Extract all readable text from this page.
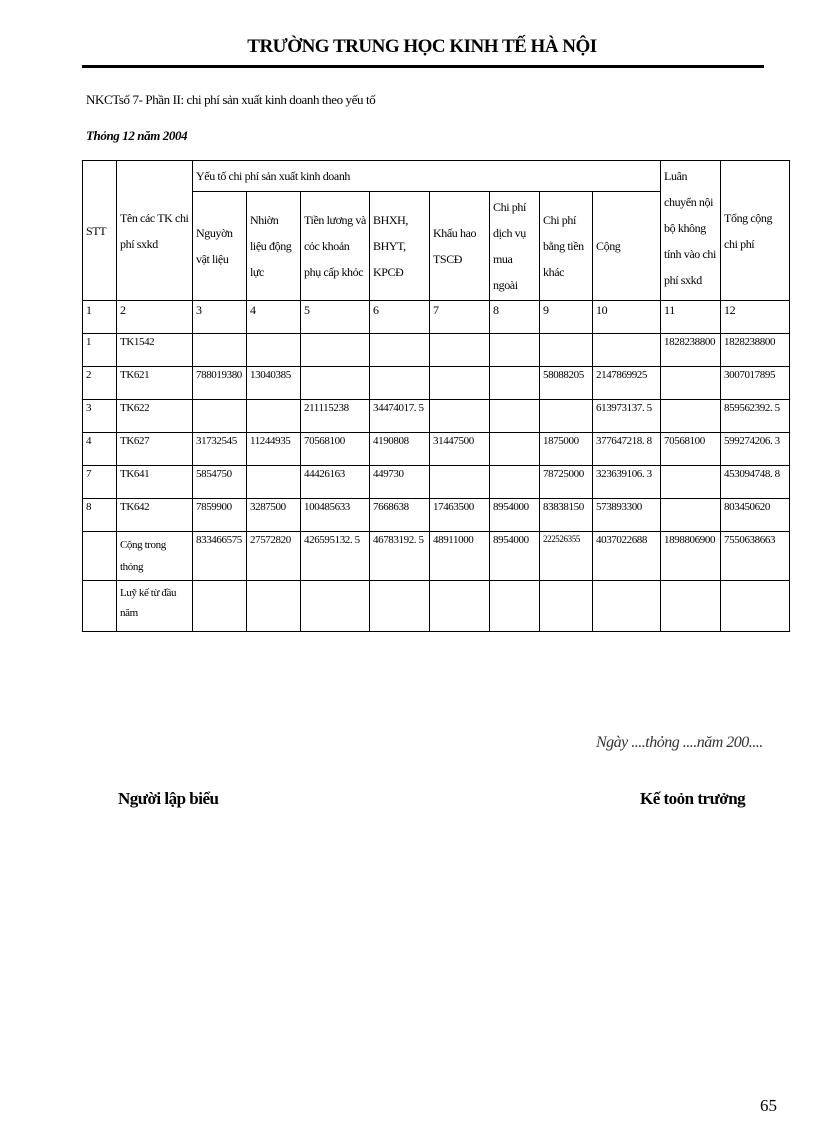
TRƯỜNG TRUNG HỌC KINH TẾ HÀ NỘI
NKCTsố 7- Phần II: chi phí sản xuất kinh doanh theo yếu tố
Thỏng 12 năm 2004
STT	Tên các TK chi phí sxkd	Yếu tố chi phí sản xuất kinh doanh								Luân chuyển nội bộ không tính vào chi phí sxkd	Tổng cộng chi phí
		Nguyờn vật liệu	Nhiờn liệu động lực	Tiền lương và cỏc khoản phụ cấp khỏc	BHXH, BHYT, KPCĐ	Khấu hao TSCĐ	Chi phí dịch vụ mua ngoài	Chi phí bằng tiền khác	Cộng		
1	2	3	4	5	6	7	8	9	10	11	12
1	TK1542									1828238800	1828238800
2	TK621	788019380	13040385					58088205	2147869925		3007017895
3	TK622			211115238	34474017. 5				613973137. 5		859562392. 5
4	TK627	31732545	11244935	70568100	4190808	31447500		1875000	377647218. 8	70568100	599274206. 3
7	TK641	5854750		44426163	449730			78725000	323639106. 3		453094748. 8
8	TK642	7859900	3287500	100485633	7668638	17463500	8954000	83838150	573893300		803450620
	Cộng trong thỏng	833466575	27572820	426595132. 5	46783192. 5	48911000	8954000	222526355	4037022688	1898806900	7550638663
	Luỹ kế từ đầu năm										
Ngày ....thỏng ....năm 200....
Người lập biểu	Kế toỏn trưởng
65
